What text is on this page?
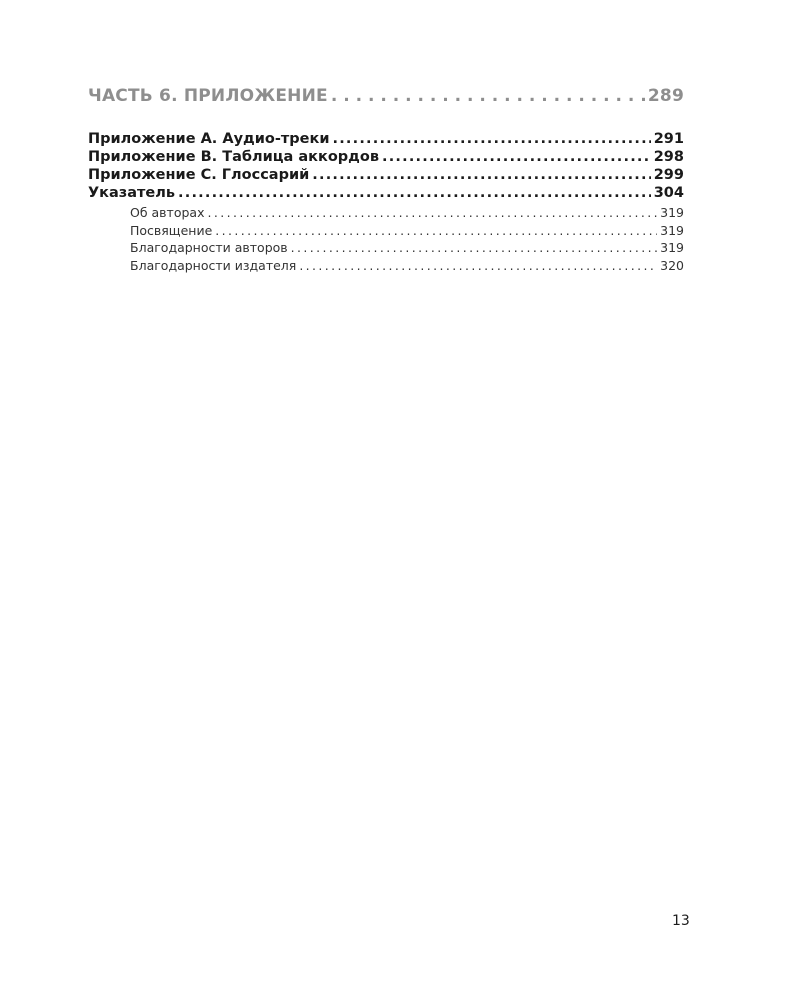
ЧАСТЬ 6. ПРИЛОЖЕНИЕ . . .	289
Приложение А. Аудио-треки .....	291
Приложение В. Таблица аккордов .....	298
Приложение С. Глоссарий .....	299
Указатель .....	304
Об авторах .....	319
Посвящение .....	319
Благодарности авторов .....	319
Благодарности издателя .....	320
13
